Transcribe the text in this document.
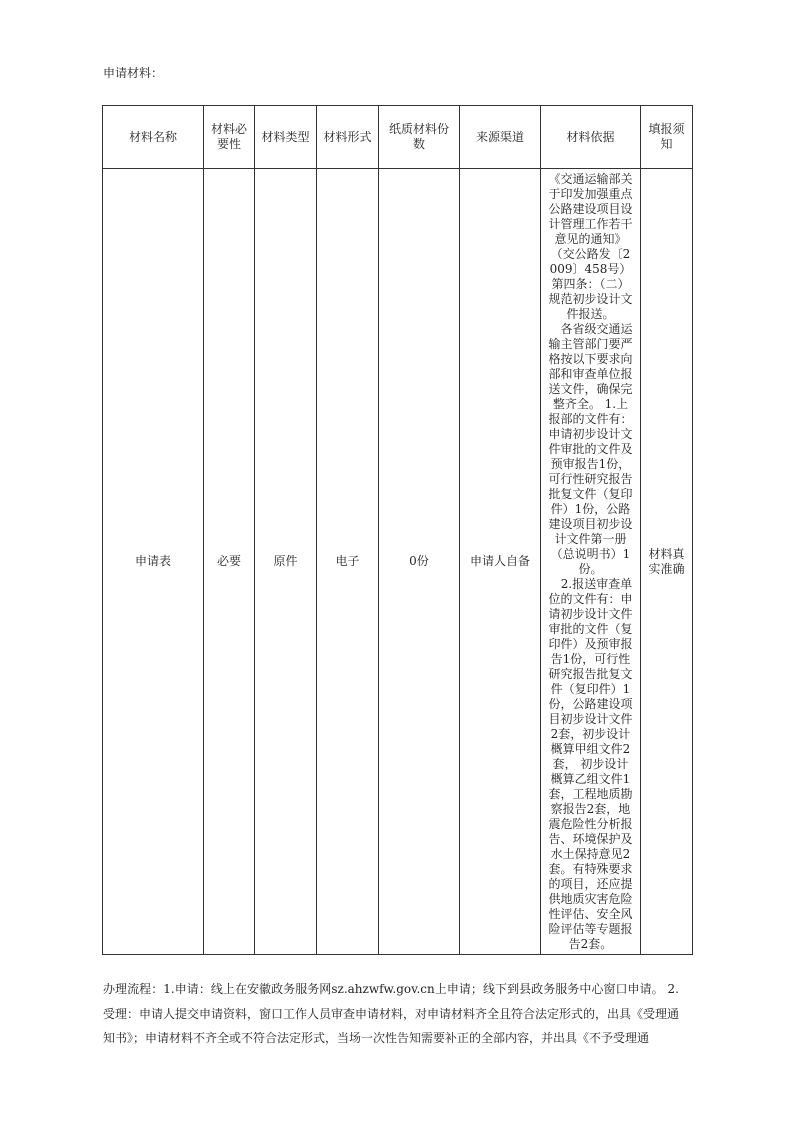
申请材料：
材料名称	材料必要性	材料类型	材料形式	纸质材料份数	来源渠道	材料依据	填报须知
申请表	必要	原件	电子	0份	申请人自备	《交通运输部关于印发加强重点公路建设项目设计管理工作若干意见的通知》（交公路发〔2009〕458号）第四条：（二）规范初步设计文件报送。

各省级交通运输主管部门要严格按以下要求向部和审查单位报送文件，确保完整齐全。 1.上报部的文件有：申请初步设计文件审批的文件及预审报告1份，可行性研究报告批复文件（复印件）1份，公路建设项目初步设计文件第一册（总说明书）1份。

2.报送审查单位的文件有：申请初步设计文件审批的文件（复印件）及预审报告1份，可行性研究报告批复文件（复印件）1份，公路建设项目初步设计文件2套，初步设计概算甲组文件2套， 初步设计概算乙组文件1套，工程地质勘察报告2套，地震危险性分析报告、环境保护及水土保持意见2套。有特殊要求的项目，还应提供地质灾害危险性评估、安全风险评估等专题报告2套。	材料真实准确
办理流程：1.申请：线上在安徽政务服务网sz.ahzwfw.gov.cn上申请；线下到县政务服务中心窗口申请。 2.受理：申请人提交申请资料，窗口工作人员审查申请材料，对申请材料齐全且符合法定形式的，出具《受理通知书》；申请材料不齐全或不符合法定形式，当场一次性告知需要补正的全部内容，并出具《不予受理通
